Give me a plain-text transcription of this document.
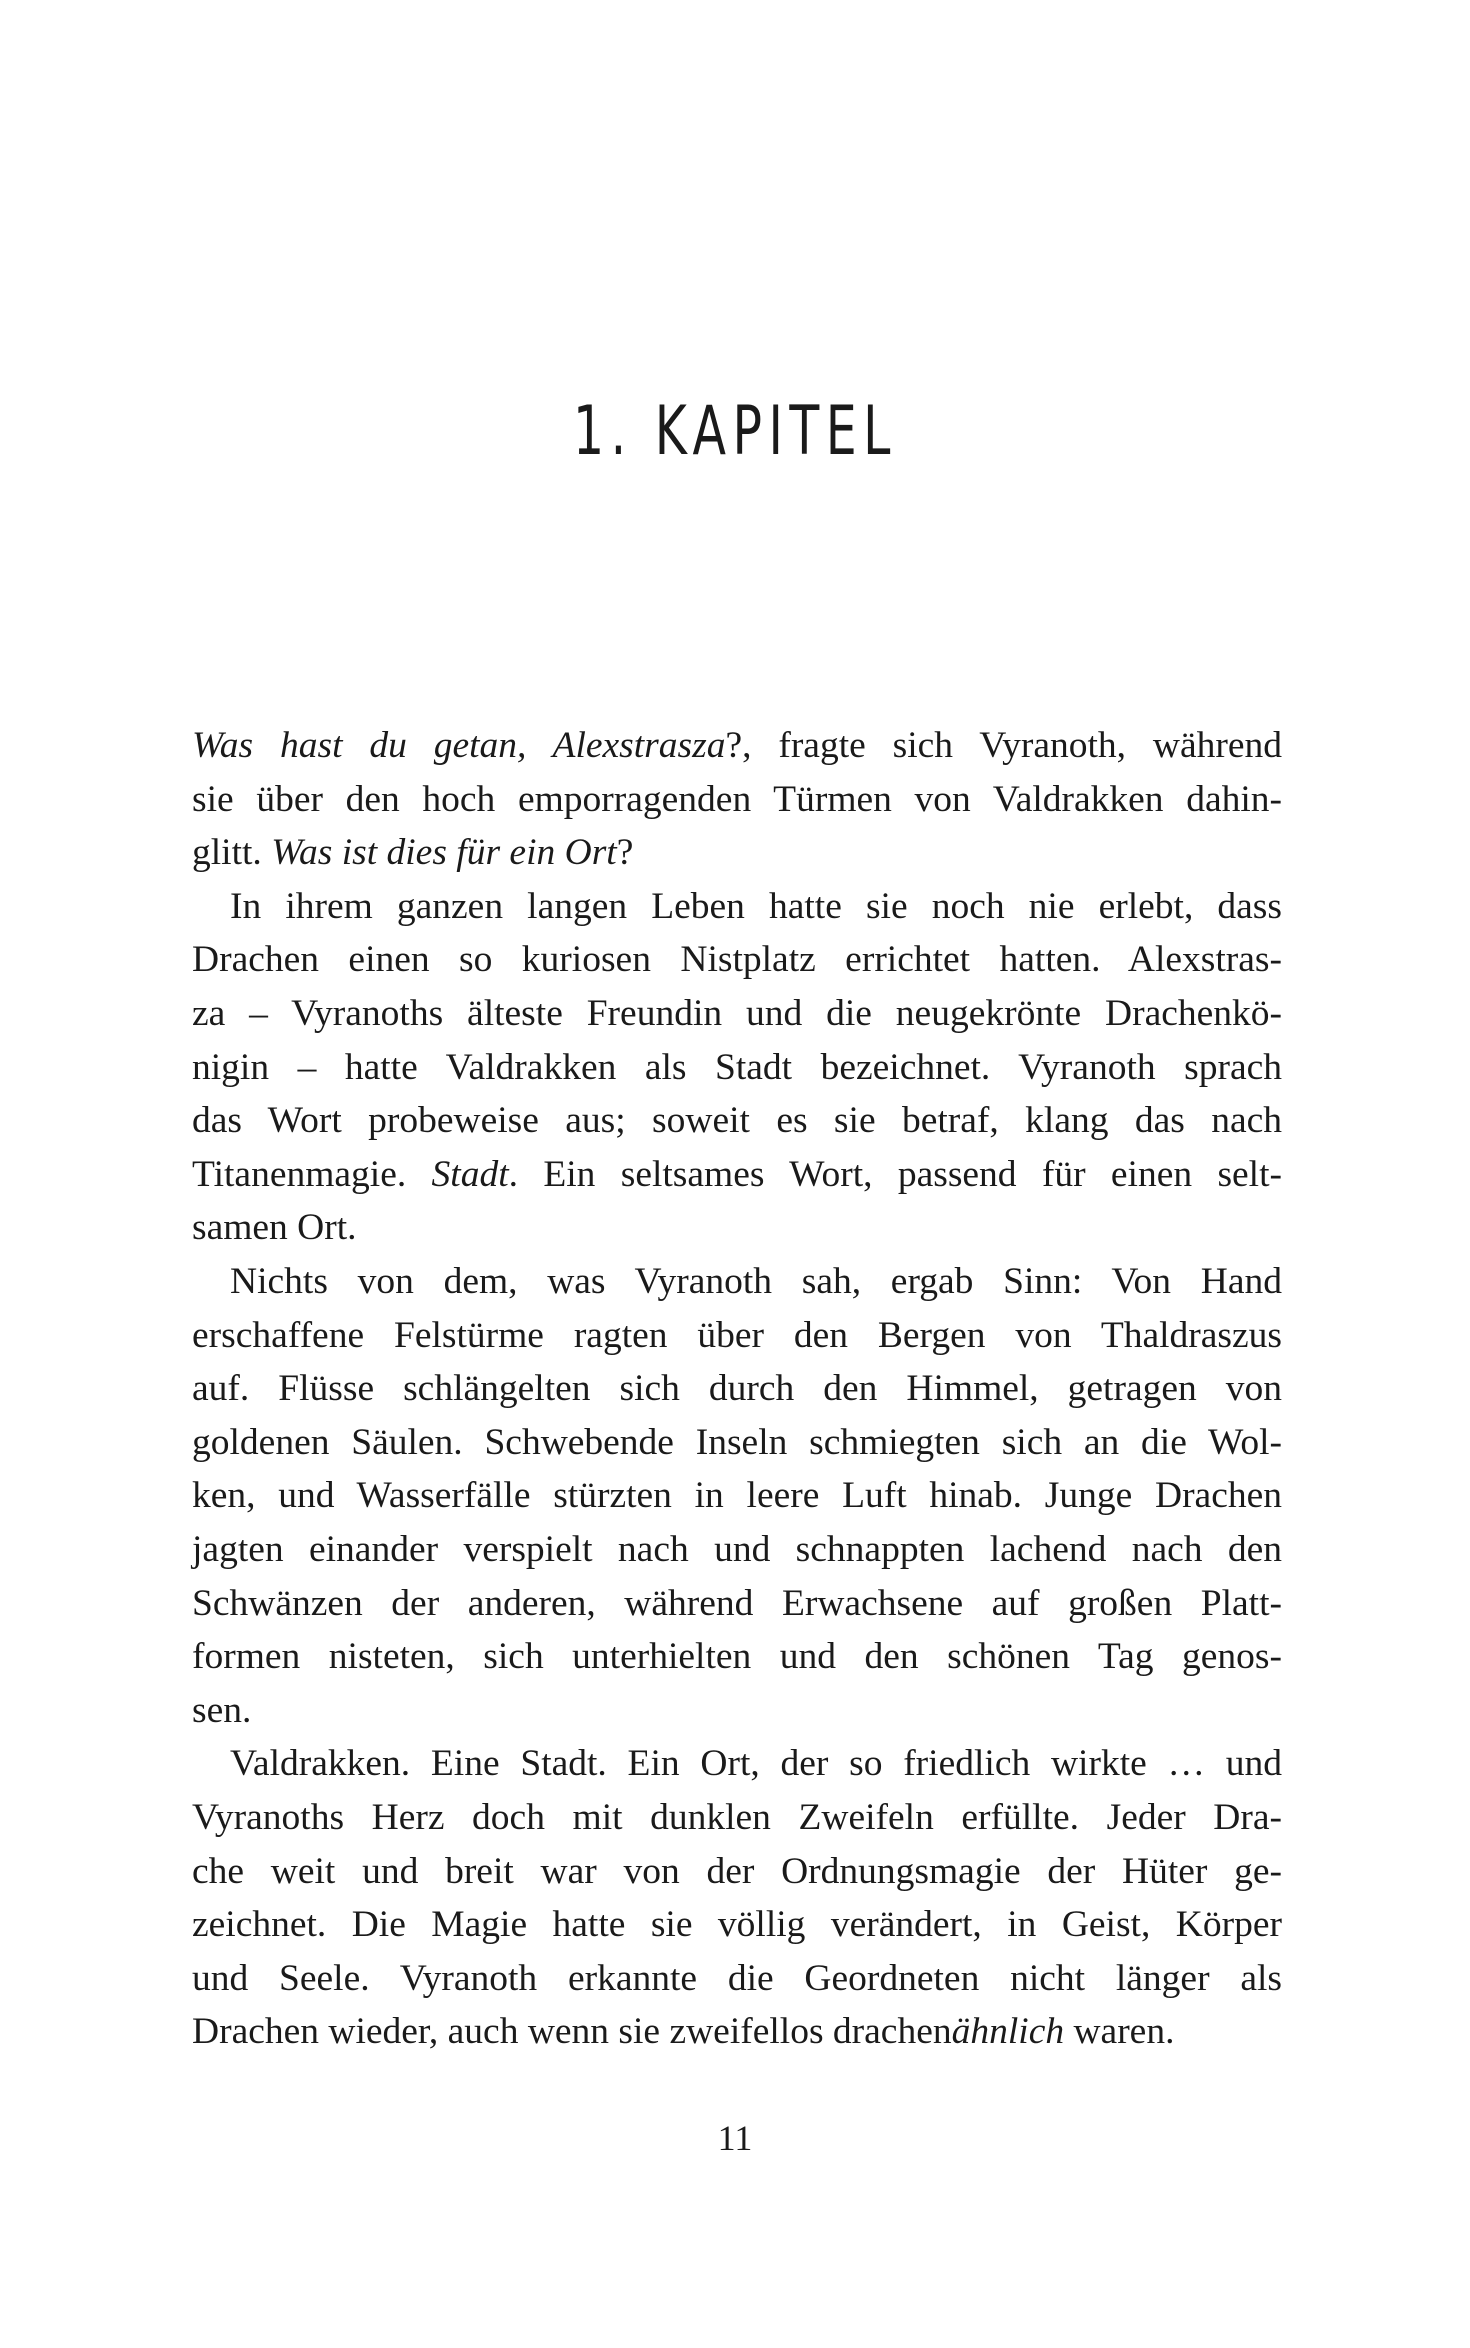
1. KAPITEL
Was hast du getan, Alexstrasza?, fragte sich Vyranoth, während
sie über den hoch emporragenden Türmen von Valdrakken dahin-
glitt. Was ist dies für ein Ort?
In ihrem ganzen langen Leben hatte sie noch nie erlebt, dass
Drachen einen so kuriosen Nistplatz errichtet hatten. Alexstras-
za – Vyranoths älteste Freundin und die neugekrönte Drachenkö-
nigin – hatte Valdrakken als Stadt bezeichnet. Vyranoth sprach
das Wort probeweise aus; soweit es sie betraf, klang das nach
Titanenmagie. Stadt. Ein seltsames Wort, passend für einen selt-
samen Ort.
Nichts von dem, was Vyranoth sah, ergab Sinn: Von Hand
erschaffene Felstürme ragten über den Bergen von Thaldraszus
auf. Flüsse schlängelten sich durch den Himmel, getragen von
goldenen Säulen. Schwebende Inseln schmiegten sich an die Wol-
ken, und Wasserfälle stürzten in leere Luft hinab. Junge Drachen
jagten einander verspielt nach und schnappten lachend nach den
Schwänzen der anderen, während Erwachsene auf großen Platt-
formen nisteten, sich unterhielten und den schönen Tag genos-
sen.
Valdrakken. Eine Stadt. Ein Ort, der so friedlich wirkte … und
Vyranoths Herz doch mit dunklen Zweifeln erfüllte. Jeder Dra-
che weit und breit war von der Ordnungsmagie der Hüter ge-
zeichnet. Die Magie hatte sie völlig verändert, in Geist, Körper
und Seele. Vyranoth erkannte die Geordneten nicht länger als
Drachen wieder, auch wenn sie zweifellos drachenähnlich waren.
11
